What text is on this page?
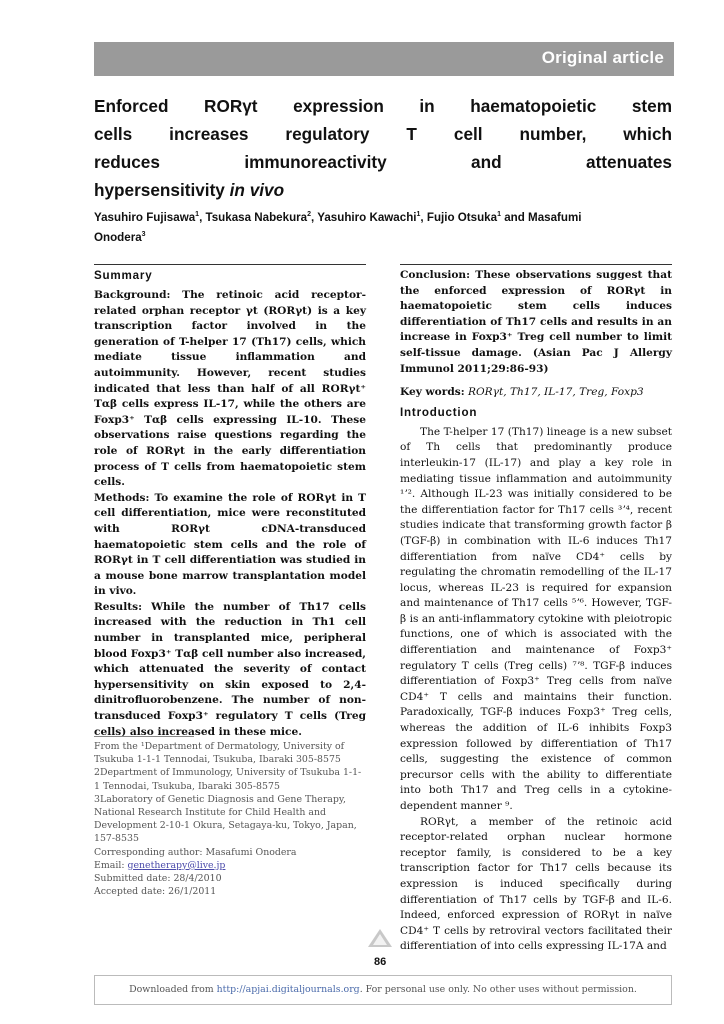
Original article
Enforced RORγt expression in haematopoietic stem
cells increases regulatory T cell number, which
reduces immunoreactivity and attenuates
hypersensitivity in vivo
Yasuhiro Fujisawa$^1$, Tsukasa Nabekura$^2$, Yasuhiro Kawachi$^1$, Fujio Otsuka$^1$ and Masafumi
Onodera$^3$
Summary

Background: The retinoic acid receptor-related orphan receptor γt (RORγt) is a key transcription factor involved in the generation of T-helper 17 (Th17) cells, which mediate tissue inflammation and autoimmunity. However, recent studies indicated that less than half of all RORγt⁺ Tαβ cells express IL-17, while the others are Foxp3⁺ Tαβ cells expressing IL-10. These observations raise questions regarding the role of RORγt in the early differentiation process of T cells from haematopoietic stem cells.

Methods: To examine the role of RORγt in T cell differentiation, mice were reconstituted with RORγt cDNA-transduced haematopoietic stem cells and the role of RORγt in T cell differentiation was studied in a mouse bone marrow transplantation model in vivo.

Results: While the number of Th17 cells increased with the reduction in Th1 cell number in transplanted mice, peripheral blood Foxp3⁺ Tαβ cell number also increased, which attenuated the severity of contact hypersensitivity on skin exposed to 2,4-dinitrofluorobenzene. The number of non-transduced Foxp3⁺ regulatory T cells (Treg cells) also increased in these mice.

Conclusion: These observations suggest that the enforced expression of RORγt in haematopoietic stem cells induces differentiation of Th17 cells and results in an increase in Foxp3⁺ Treg cell number to limit self-tissue damage. (Asian Pac J Allergy Immunol 2011;29:86-93)

Key words: RORγt, Th17, IL-17, Treg, Foxp3

Introduction

The T-helper 17 (Th17) lineage is a new subset of Th cells that predominantly produce interleukin-17 (IL-17) and play a key role in mediating tissue inflammation and autoimmunity ¹ʼ². Although IL-23 was initially considered to be the differentiation factor for Th17 cells ³ʼ⁴, recent studies indicate that transforming growth factor β (TGF-β) in combination with IL-6 induces Th17 differentiation from naïve CD4⁺ cells by regulating the chromatin remodelling of the IL-17 locus, whereas IL-23 is required for expansion and maintenance of Th17 cells ⁵ʼ⁶. However, TGF-β is an anti-inflammatory cytokine with pleiotropic functions, one of which is associated with the differentiation and maintenance of Foxp3⁺ regulatory T cells (Treg cells) ⁷ʼ⁸. TGF-β induces differentiation of Foxp3⁺ Treg cells from naïve CD4⁺ T cells and maintains their function. Paradoxically, TGF-β induces Foxp3⁺ Treg cells, whereas the addition of IL-6 inhibits Foxp3 expression followed by differentiation of Th17 cells, suggesting the existence of common precursor cells with the ability to differentiate into both Th17 and Treg cells in a cytokine-dependent manner ⁹.

RORγt, a member of the retinoic acid receptor-related orphan nuclear hormone receptor family, is considered to be a key transcription factor for Th17 cells because its expression is induced specifically during differentiation of Th17 cells by TGF-β and IL-6. Indeed, enforced expression of RORγt in naïve CD4⁺ T cells by retroviral vectors facilitated their differentiation of into cells expressing IL-17A and

From the ¹Department of Dermatology, University of Tsukuba 1-1-1 Tennodai, Tsukuba, Ibaraki 305-8575
2Department of Immunology, University of Tsukuba 1-1-1 Tennodai, Tsukuba, Ibaraki 305-8575
3Laboratory of Genetic Diagnosis and Gene Therapy, National Research Institute for Child Health and Development 2-10-1 Okura, Setagaya-ku, Tokyo, Japan, 157-8535
Corresponding author: Masafumi Onodera
Email: genetherapy@live.jp
Submitted date: 28/4/2010
Accepted date: 26/1/2011
86
Downloaded from http://apjai.digitaljournals.org. For personal use only. No other uses without permission.
